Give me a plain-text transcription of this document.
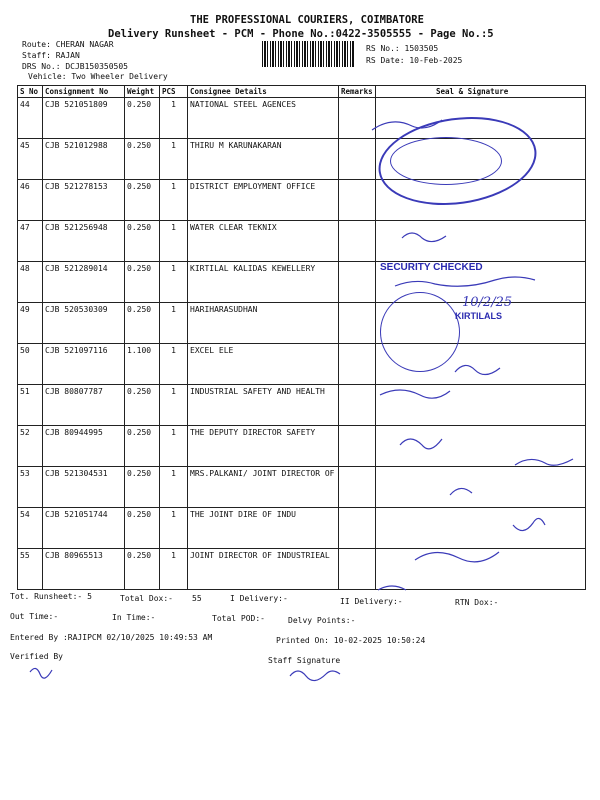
THE PROFESSIONAL COURIERS, COIMBATORE
Delivery Runsheet - PCM - Phone No.:0422-3505555 - Page No.:5
Route: CHERAN NAGAR
Staff: RAJAN
DRS No.: DCJB150350505
Vehicle: Two Wheeler Delivery
RS No.: 1503505
RS Date: 10-Feb-2025
S No	Consignment No	Weight	PCS	Consignee Details	Remarks	Seal & Signature
44	CJB 521051809	0.250	1	NATIONAL STEEL AGENCES		
45	CJB 521012988	0.250	1	THIRU M KARUNAKARAN		
46	CJB 521278153	0.250	1	DISTRICT EMPLOYMENT OFFICE		
47	CJB 521256948	0.250	1	WATER CLEAR TEKNIX		
48	CJB 521289014	0.250	1	KIRTILAL KALIDAS KEWELLERY		
49	CJB 520530309	0.250	1	HARIHARASUDHAN		
50	CJB 521097116	1.100	1	EXCEL ELE		
51	CJB 80807787	0.250	1	INDUSTRIAL SAFETY AND HEALTH		
52	CJB 80944995	0.250	1	THE DEPUTY DIRECTOR SAFETY		
53	CJB 521304531	0.250	1	MRS.PALKANI/ JOINT DIRECTOR OF		
54	CJB 521051744	0.250	1	THE JOINT DIRE OF INDU		
55	CJB 80965513	0.250	1	JOINT DIRECTOR OF INDUSTRIEAL		
SECURITY CHECKED
KIRTILALS
10/2/25
Tot. Runsheet:- 5	Total Dox:- 55	I Delivery:-	II Delivery:-	RTN Dox:-
Out Time:-	In Time:-	Total POD:-	Delvy Points:-
Entered By :RAJIPCM 02/10/2025 10:49:53 AM	Printed On: 10-02-2025 10:50:24
Verified By	Staff Signature
